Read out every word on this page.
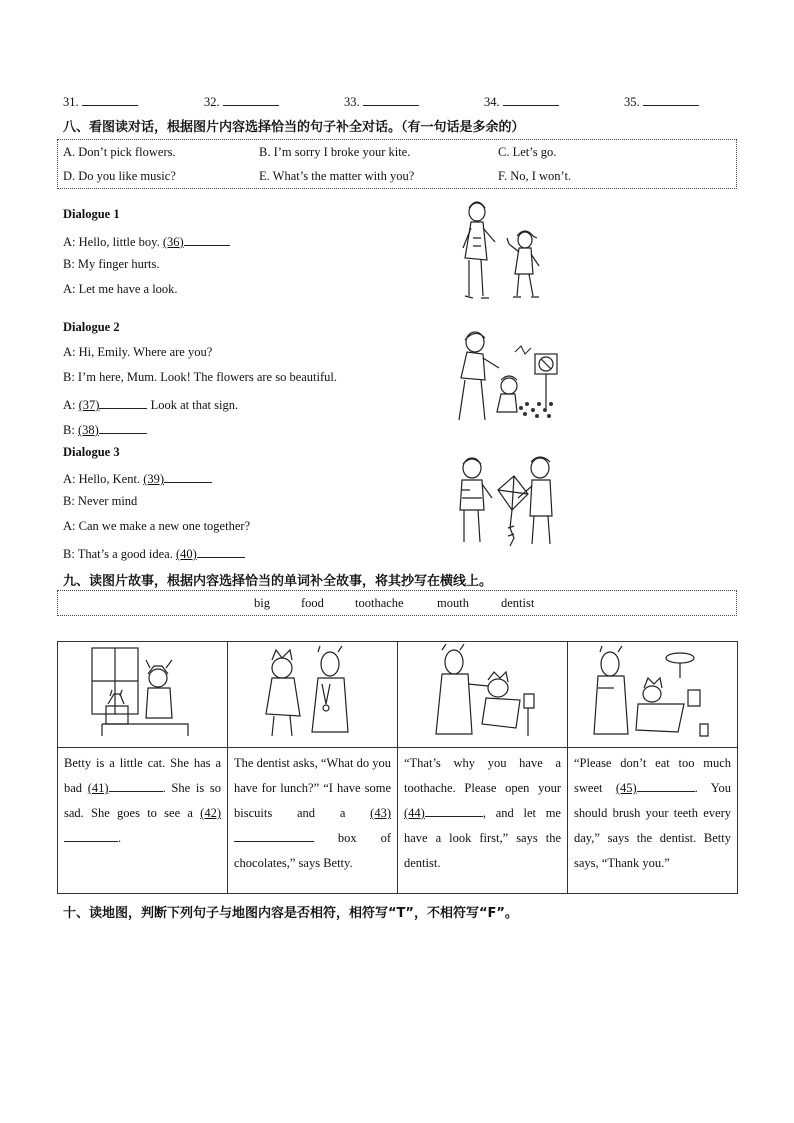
31.	32.	33.	34.	35.
八、看图读对话，根据图片内容选择恰当的句子补全对话。（有一句话是多余的）
A. Don’t pick flowers.	B. I’m sorry I broke your kite.	C. Let’s go.
D. Do you like music?	E. What’s the matter with you?	F. No, I won’t.
Dialogue 1
A: Hello, little boy. (36)
B: My finger hurts.
A: Let me have a look.
Dialogue 2
A: Hi, Emily. Where are you?
B: I’m here, Mum. Look! The flowers are so beautiful.
A: (37)	Look at that sign.
B: (38)
Dialogue 3
A: Hello, Kent. (39)
B: Never mind
A: Can we make a new one together?
B: That’s a good idea. (40)
九、读图片故事，根据内容选择恰当的单词补全故事，将其抄写在横线上。
big food toothache	mouth	dentist

Betty is a little cat. She has a bad (41) . She is so sad. She goes to see a (42).	The dentist asks, “What do you have for lunch?” “I have some biscuits and a (43) box of chocolates,” says Betty.	“That’s why you have a toothache. Please open your (44) , and let me have a look first,” says the dentist.	“Please don’t eat too much sweet (45) . You should brush your teeth every day,” says the dentist. Betty says, “Thank you.”
十、读地图，判断下列句子与地图内容是否相符，相符写“T”，不相符写“F”。
